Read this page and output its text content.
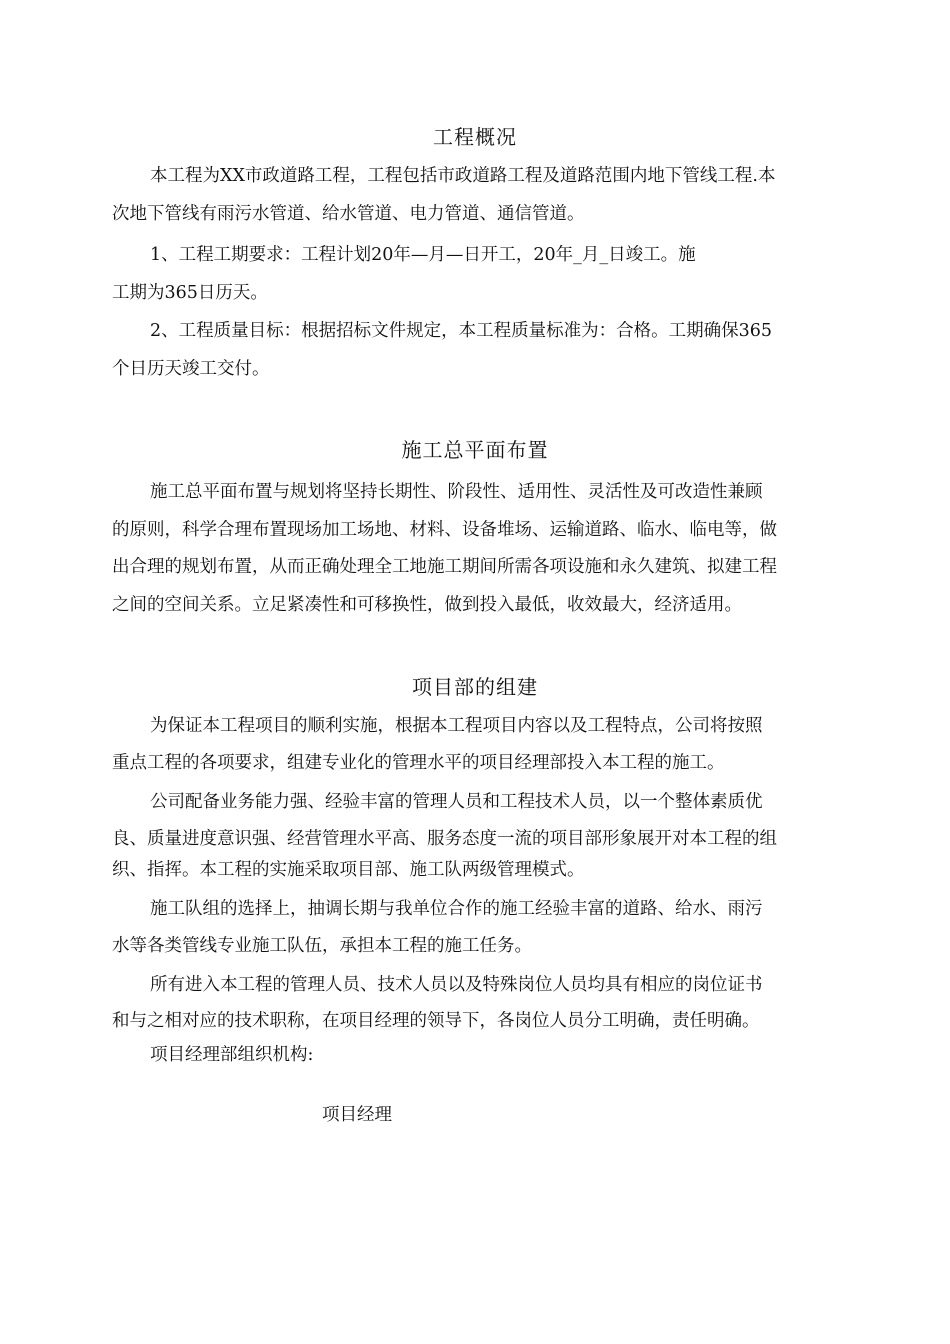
工程概况
本工程为XX市政道路工程，工程包括市政道路工程及道路范围内地下管线工程.本
次地下管线有雨污水管道、给水管道、电力管道、通信管道。
1、工程工期要求：工程计划20年—月—日开工，20年_月_日竣工。施
工期为365日历天。
2、工程质量目标：根据招标文件规定，本工程质量标准为：合格。工期确保365
个日历天竣工交付。
施工总平面布置
施工总平面布置与规划将坚持长期性、阶段性、适用性、灵活性及可改造性兼顾
的原则，科学合理布置现场加工场地、材料、设备堆场、运输道路、临水、临电等，做
出合理的规划布置，从而正确处理全工地施工期间所需各项设施和永久建筑、拟建工程
之间的空间关系。立足紧凑性和可移换性，做到投入最低，收效最大，经济适用。
项目部的组建
为保证本工程项目的顺利实施，根据本工程项目内容以及工程特点，公司将按照
重点工程的各项要求，组建专业化的管理水平的项目经理部投入本工程的施工。
公司配备业务能力强、经验丰富的管理人员和工程技术人员，以一个整体素质优
良、质量进度意识强、经营管理水平高、服务态度一流的项目部形象展开对本工程的组
织、指挥。本工程的实施采取项目部、施工队两级管理模式。
施工队组的选择上，抽调长期与我单位合作的施工经验丰富的道路、给水、雨污
水等各类管线专业施工队伍，承担本工程的施工任务。
所有进入本工程的管理人员、技术人员以及特殊岗位人员均具有相应的岗位证书
和与之相对应的技术职称，在项目经理的领导下，各岗位人员分工明确，责任明确。
项目经理部组织机构:
项目经理
